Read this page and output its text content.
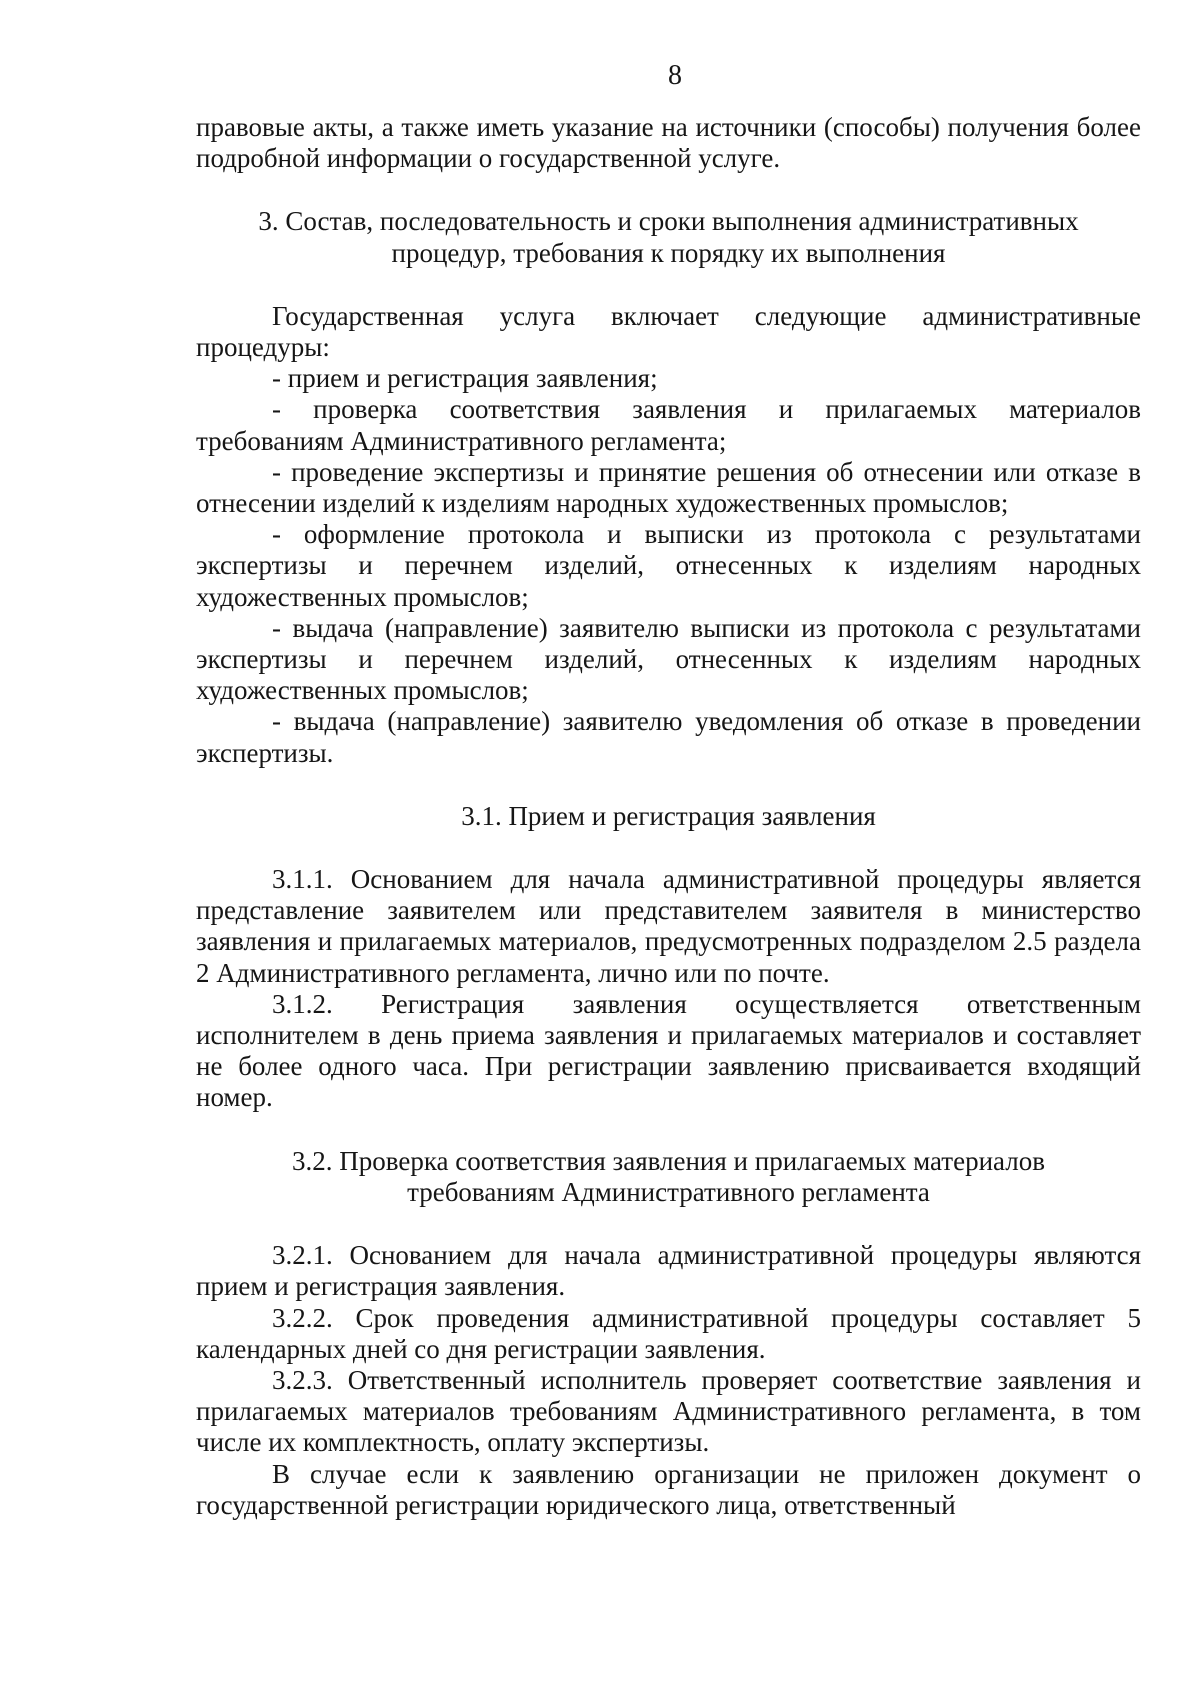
8

правовые акты, а также иметь указание на источники (способы) получения более подробной информации о государственной услуге.

3. Состав, последовательность и сроки выполнения административных

процедур, требования к порядку их выполнения

Государственная услуга включает следующие административные процедуры:

- прием и регистрация заявления;

- проверка соответствия заявления и прилагаемых материалов требованиям Административного регламента;

- проведение экспертизы и принятие решения об отнесении или отказе в отнесении изделий к изделиям народных художественных промыслов;

- оформление протокола и выписки из протокола с результатами экспертизы и перечнем изделий, отнесенных к изделиям народных художественных промыслов;

- выдача (направление) заявителю выписки из протокола с результатами экспертизы и перечнем изделий, отнесенных к изделиям народных художественных промыслов;

- выдача (направление) заявителю уведомления об отказе в проведении экспертизы.

3.1. Прием и регистрация заявления

3.1.1. Основанием для начала административной процедуры является представление заявителем или представителем заявителя в министерство заявления и прилагаемых материалов, предусмотренных подразделом 2.5 раздела 2 Административного регламента, лично или по почте.

3.1.2. Регистрация заявления осуществляется ответственным исполнителем в день приема заявления и прилагаемых материалов и составляет не более одного часа. При регистрации заявлению присваивается входящий номер.

3.2. Проверка соответствия заявления и прилагаемых материалов

требованиям Административного регламента

3.2.1. Основанием для начала административной процедуры являются прием и регистрация заявления.

3.2.2. Срок проведения административной процедуры составляет 5 календарных дней со дня регистрации заявления.

3.2.3. Ответственный исполнитель проверяет соответствие заявления и прилагаемых материалов требованиям Административного регламента, в том числе их комплектность, оплату экспертизы.

В случае если к заявлению организации не приложен документ о государственной регистрации юридического лица, ответственный
